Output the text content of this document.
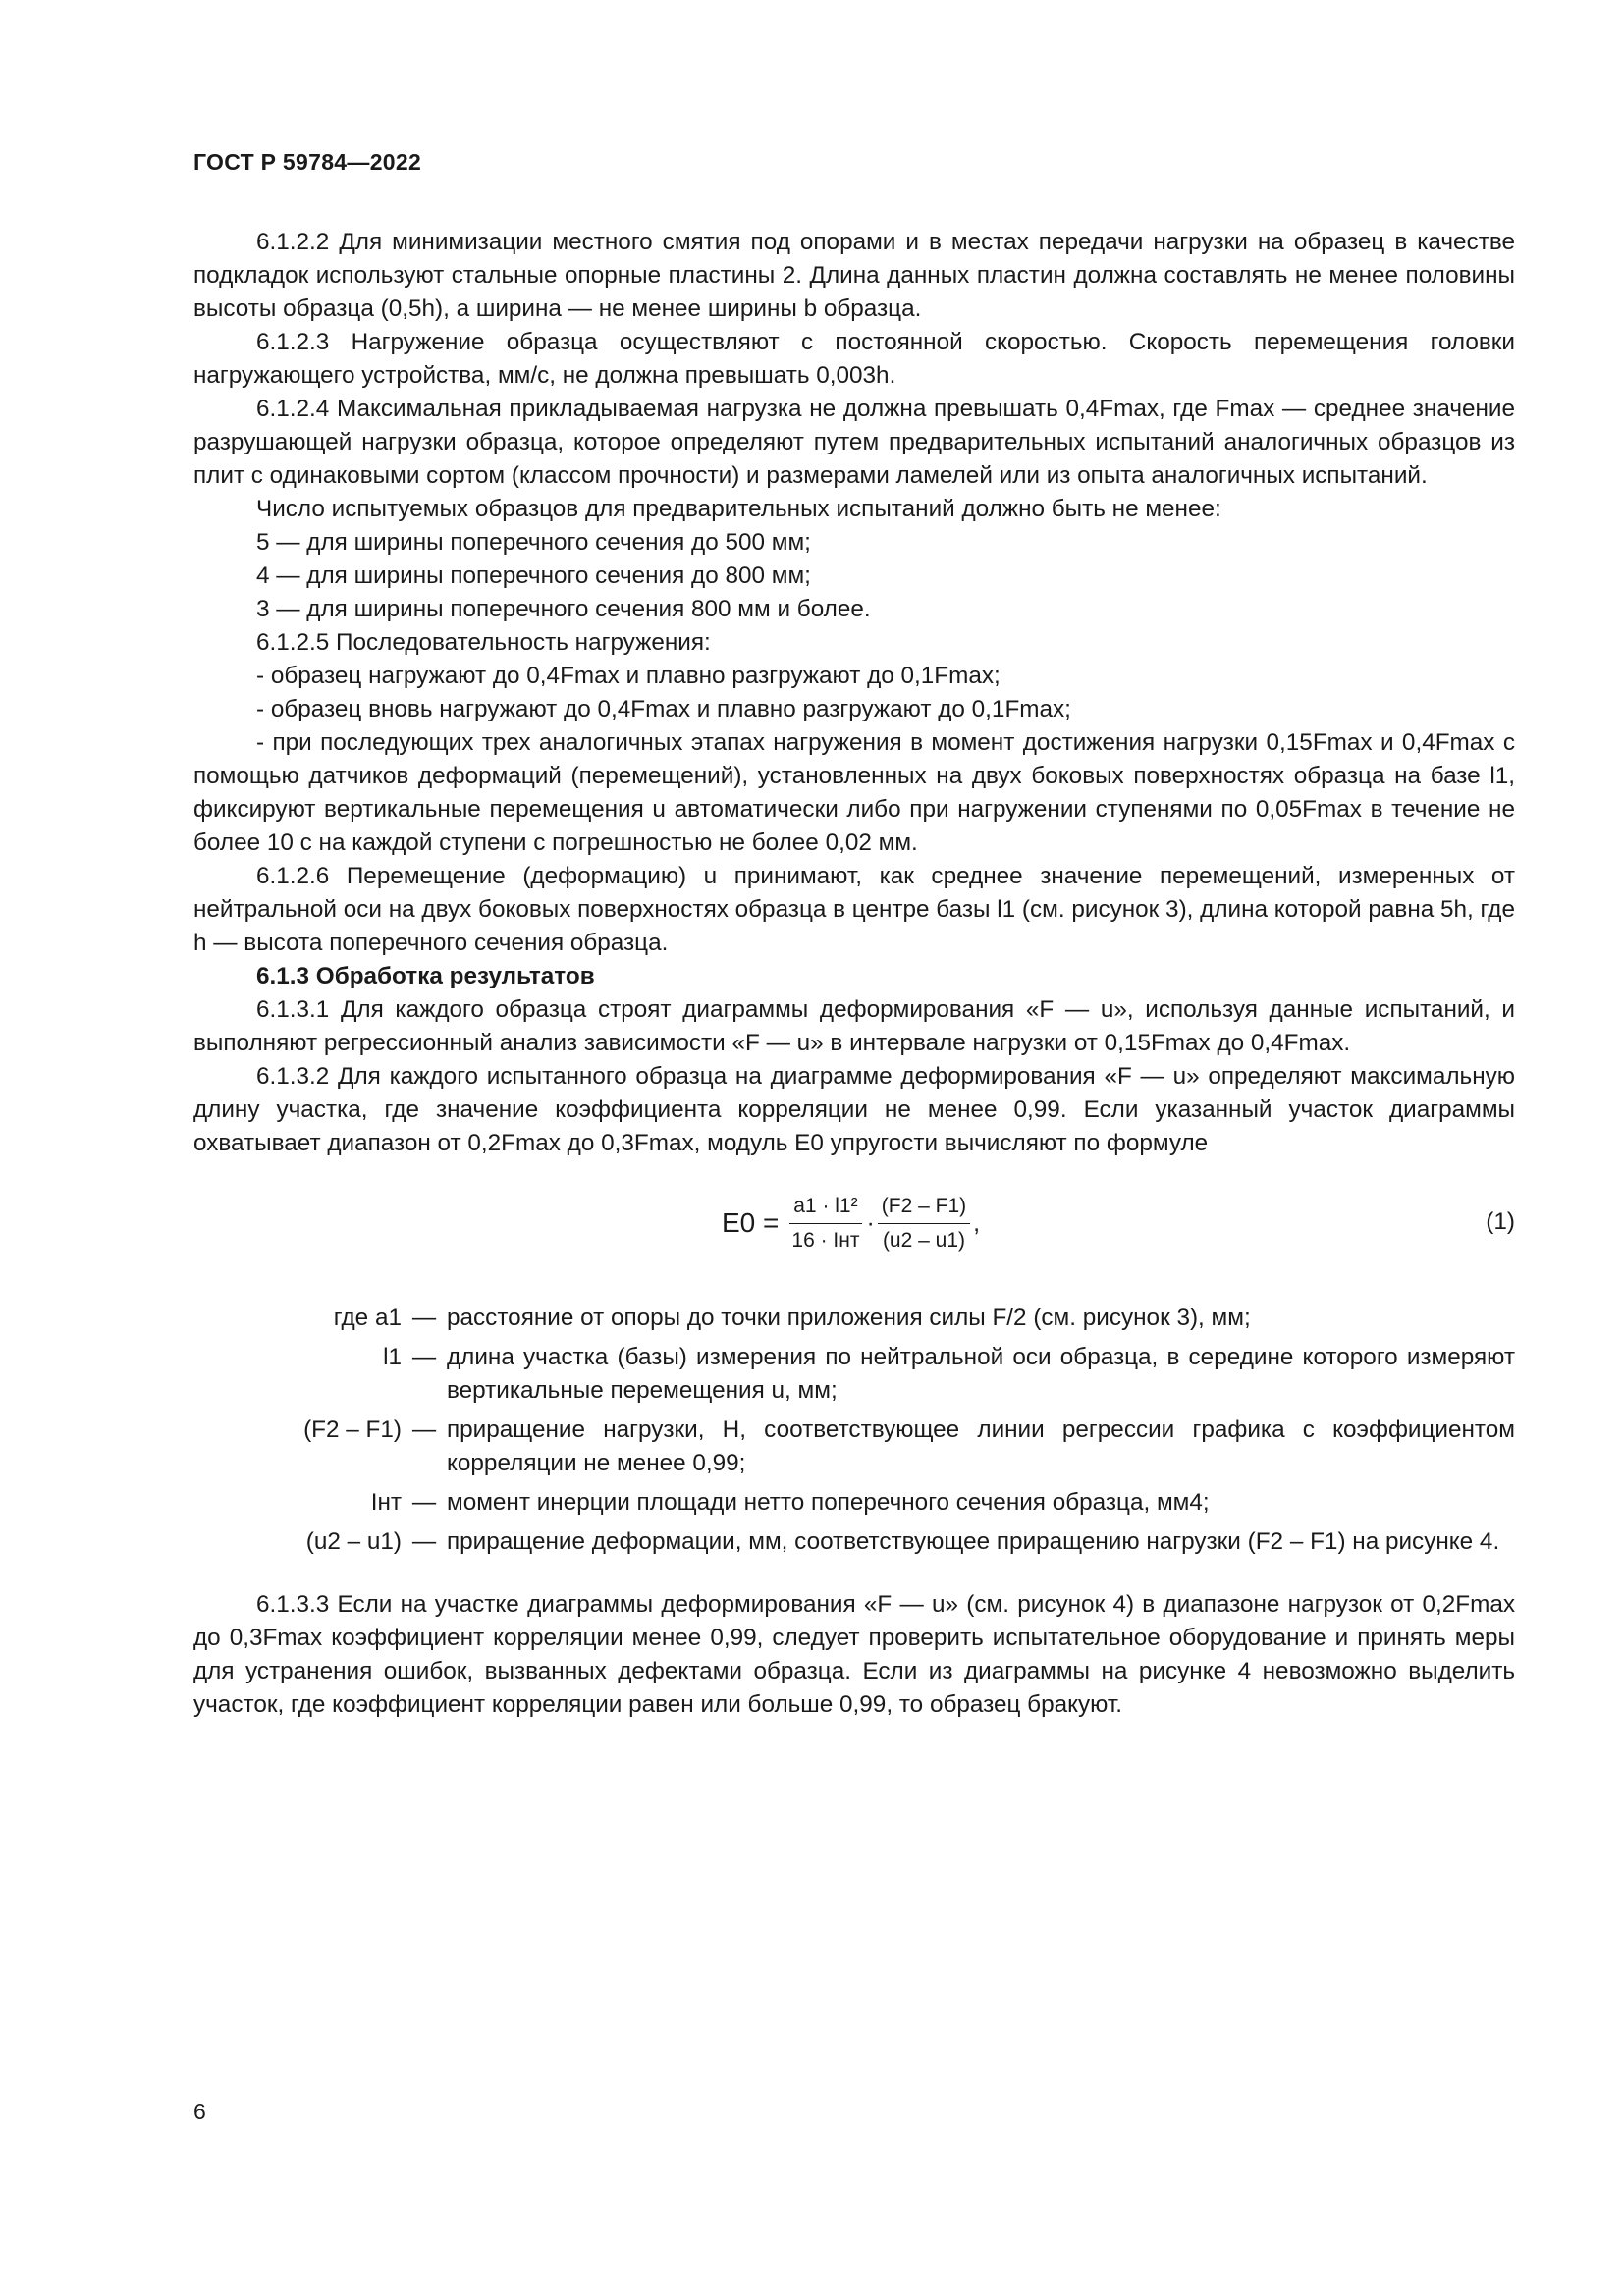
ГОСТ Р 59784—2022

6.1.2.2 Для минимизации местного смятия под опорами и в местах передачи нагрузки на образец в качестве подкладок используют стальные опорные пластины 2. Длина данных пластин должна составлять не менее половины высоты образца (0,5h), а ширина — не менее ширины b образца.

6.1.2.3 Нагружение образца осуществляют с постоянной скоростью. Скорость перемещения головки нагружающего устройства, мм/с, не должна превышать 0,003h.

6.1.2.4 Максимальная прикладываемая нагрузка не должна превышать 0,4Fmax, где Fmax — среднее значение разрушающей нагрузки образца, которое определяют путем предварительных испытаний аналогичных образцов из плит с одинаковыми сортом (классом прочности) и размерами ламелей или из опыта аналогичных испытаний.

Число испытуемых образцов для предварительных испытаний должно быть не менее:

5 — для ширины поперечного сечения до 500 мм;

4 — для ширины поперечного сечения до 800 мм;

3 — для ширины поперечного сечения 800 мм и более.

6.1.2.5 Последовательность нагружения:

- образец нагружают до 0,4Fmax и плавно разгружают до 0,1Fmax;

- образец вновь нагружают до 0,4Fmax и плавно разгружают до 0,1Fmax;

- при последующих трех аналогичных этапах нагружения в момент достижения нагрузки 0,15Fmax и 0,4Fmax с помощью датчиков деформаций (перемещений), установленных на двух боковых поверхностях образца на базе l1, фиксируют вертикальные перемещения u автоматически либо при нагружении ступенями по 0,05Fmax в течение не более 10 с на каждой ступени с погрешностью не более 0,02 мм.

6.1.2.6 Перемещение (деформацию) u принимают, как среднее значение перемещений, измеренных от нейтральной оси на двух боковых поверхностях образца в центре базы l1 (см. рисунок 3), длина которой равна 5h, где h — высота поперечного сечения образца.

6.1.3 Обработка результатов

6.1.3.1 Для каждого образца строят диаграммы деформирования «F — u», используя данные испытаний, и выполняют регрессионный анализ зависимости «F — u» в интервале нагрузки от 0,15Fmax до 0,4Fmax.

6.1.3.2 Для каждого испытанного образца на диаграмме деформирования «F — u» определяют максимальную длину участка, где значение коэффициента корреляции не менее 0,99. Если указанный участок диаграммы охватывает диапазон от 0,2Fmax до 0,3Fmax, модуль E0 упругости вычисляют по формуле

$E0 = \frac{\text{a1 · l1²}}{\text{16 · Iнт}} \cdot \frac{(F2 - F1)}{(u2 - u1)}$ ,	(1)
где a1 — расстояние от опоры до точки приложения силы F/2 (см. рисунок 3), мм;
l1 — длина участка (базы) измерения по нейтральной оси образца, в середине которого измеряют вертикальные перемещения u, мм;
(F2 – F1) — приращение нагрузки, Н, соответствующее линии регрессии графика с коэффициентом корреляции не менее 0,99;
Iнт — момент инерции площади нетто поперечного сечения образца, мм4;
(u2 – u1) — приращение деформации, мм, соответствующее приращению нагрузки (F2 – F1) на рисунке 4.

6.1.3.3 Если на участке диаграммы деформирования «F — u» (см. рисунок 4) в диапазоне нагрузок от 0,2Fmax до 0,3Fmax коэффициент корреляции менее 0,99, следует проверить испытательное оборудование и принять меры для устранения ошибок, вызванных дефектами образца. Если из диаграммы на рисунке 4 невозможно выделить участок, где коэффициент корреляции равен или больше 0,99, то образец бракуют.

6
